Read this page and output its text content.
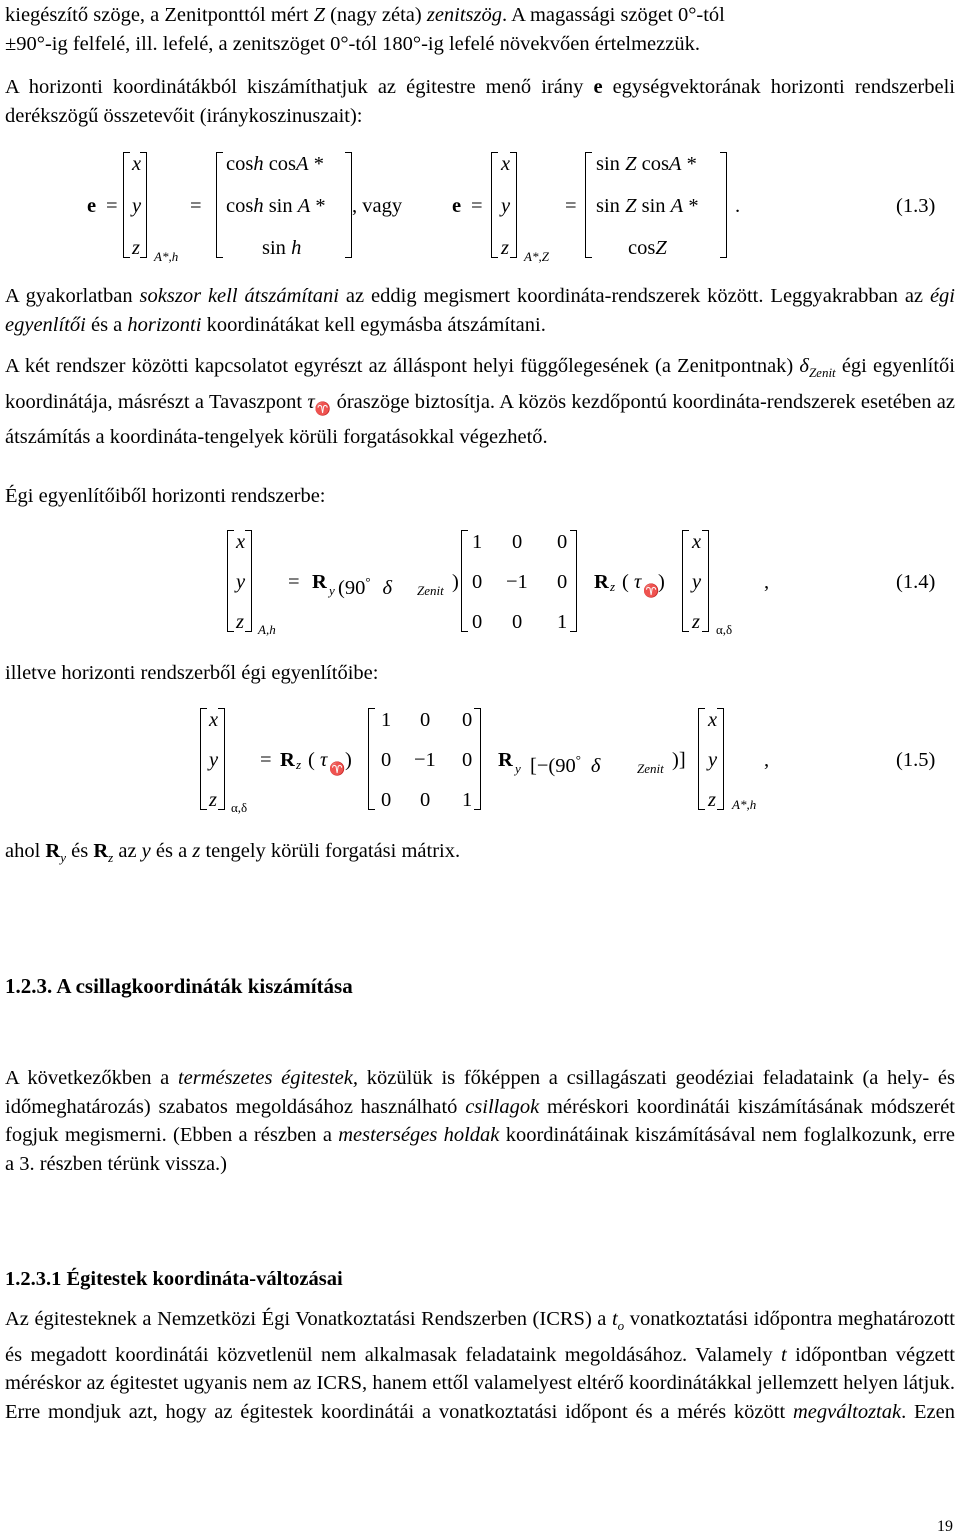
kiegészítő szöge, a Zenitponttól mért Z (nagy zéta) zenitszög. A magassági szöget 0°-tól
±90°-ig felfelé, ill. lefelé, a zenitszöget 0°-tól 180°-ig lefelé növekvően értelmezzük.
A horizonti koordinátákból kiszámíthatjuk az égitestre menő irány e egységvektorának horizonti rendszerbeli derékszögű összetevőit (iránykoszinuszait):
e =
x
y
z A*,h
=
cosh cosA *
cosh sin A *
sin h
, vagy e =
x
y
z A*,Z
=
sin Z cosA *
sin Z sin A *
cosZ
.	(1.3)
A gyakorlatban sokszor kell átszámítani az eddig megismert koordináta-rendszerek között. Leggyakrabban az égi egyenlítői és a horizonti koordinátákat kell egymásba átszámítani.
A két rendszer közötti kapcsolatot egyrészt az álláspont helyi függőlegesének (a Zenitpontnak) $\delta_{Zenit}$ égi egyenlítői koordinátája, másrészt a Tavaszpont $\tau_♈$ óraszöge biztosítja. A közös kezdőpontú koordináta-rendszerek esetében az átszámítás a koordináta-tengelyek körüli forgatásokkal végezhető.
Égi egyenlítőiből horizonti rendszerbe:
x
y
z A,h
= R y (90° δ Zenit )
1 0 0
0 −1 0
0 0 1
R z ( τ ♈
)
x
y
z α,δ
,	(1.4)
illetve horizonti rendszerből égi egyenlítőibe:
x
y
z α,δ
= R z ( τ ♈ )
1 0 0
0 −1 0
0 0 1
R y [−(90° δ	Zenit )]
x
y
z A*,h
,	(1.5)
ahol $R_y$ és $R_z$ az y és a z tengely körüli forgatási mátrix.
1.2.3. A csillagkoordináták kiszámítása
A következőkben a természetes égitestek, közülük is főképpen a csillagászati geodéziai feladataink (a hely- és időmeghatározás) szabatos megoldásához használható csillagok méréskori koordinátái kiszámításának módszerét fogjuk megismerni. (Ebben a részben a mesterséges holdak koordinátáinak kiszámításával nem foglalkozunk, erre a 3. részben térünk vissza.)
1.2.3.1 Égitestek koordináta-változásai
Az égitesteknek a Nemzetközi Égi Vonatkoztatási Rendszerben (ICRS) a $t_o$ vonatkoztatási időpontra meghatározott és megadott koordinátái közvetlenül nem alkalmasak feladataink megoldásához. Valamely t időpontban végzett méréskor az égitestet ugyanis nem az ICRS, hanem ettől valamelyest eltérő koordinátákkal jellemzett helyen látjuk. Erre mondjuk azt, hogy az égitestek koordinátái a vonatkoztatási időpont és a mérés között megváltoztak. Ezen
19
